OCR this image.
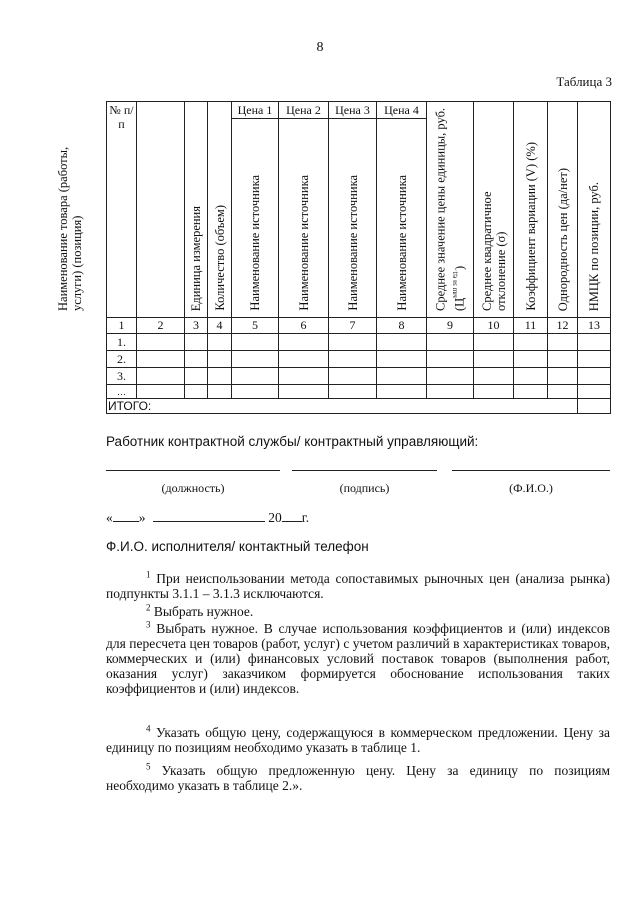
8
Таблица 3
№ п/п	Наименование товара (работы, услуги) (позиция)	Единица измерения	Количество (объем)	Цена 1	Цена 2	Цена 3	Цена 4	Среднее значение цены единицы, руб. $(Ц^{ыш за ед.})$	Среднее квадратичное отклонение (σ)	Коэффициент вариации (V) (%)	Однородность цен (да/нет)	НМЦК по позиции, руб.

				Наименование источника	Наименование источника	Наименование источника	Наименование источника					

1	2	3	4	5	6	7	8	9	10	11	12	13
1.												
2.												
3.												
…												
ИТОГО:												
Работник контрактной службы/ контрактный управляющий:
(должность)	(подпись)	(Ф.И.О.)
« »	20 г.
Ф.И.О. исполнителя/ контактный телефон
$^1$ При неиспользовании метода сопоставимых рыночных цен (анализа рынка) подпункты 3.1.1 – 3.1.3 исключаются.
$^2$ Выбрать нужное.
$^3$ Выбрать нужное. В случае использования коэффициентов и (или) индексов для пересчета цен товаров (работ, услуг) с учетом различий в характеристиках товаров, коммерческих и (или) финансовых условий поставок товаров (выполнения работ, оказания услуг) заказчиком формируется обоснование использования таких коэффициентов и (или) индексов.
$^4$ Указать общую цену, содержащуюся в коммерческом предложении. Цену за единицу по позициям необходимо указать в таблице 1.
$^5$ Указать общую предложенную цену. Цену за единицу по позициям необходимо указать в таблице 2.».
